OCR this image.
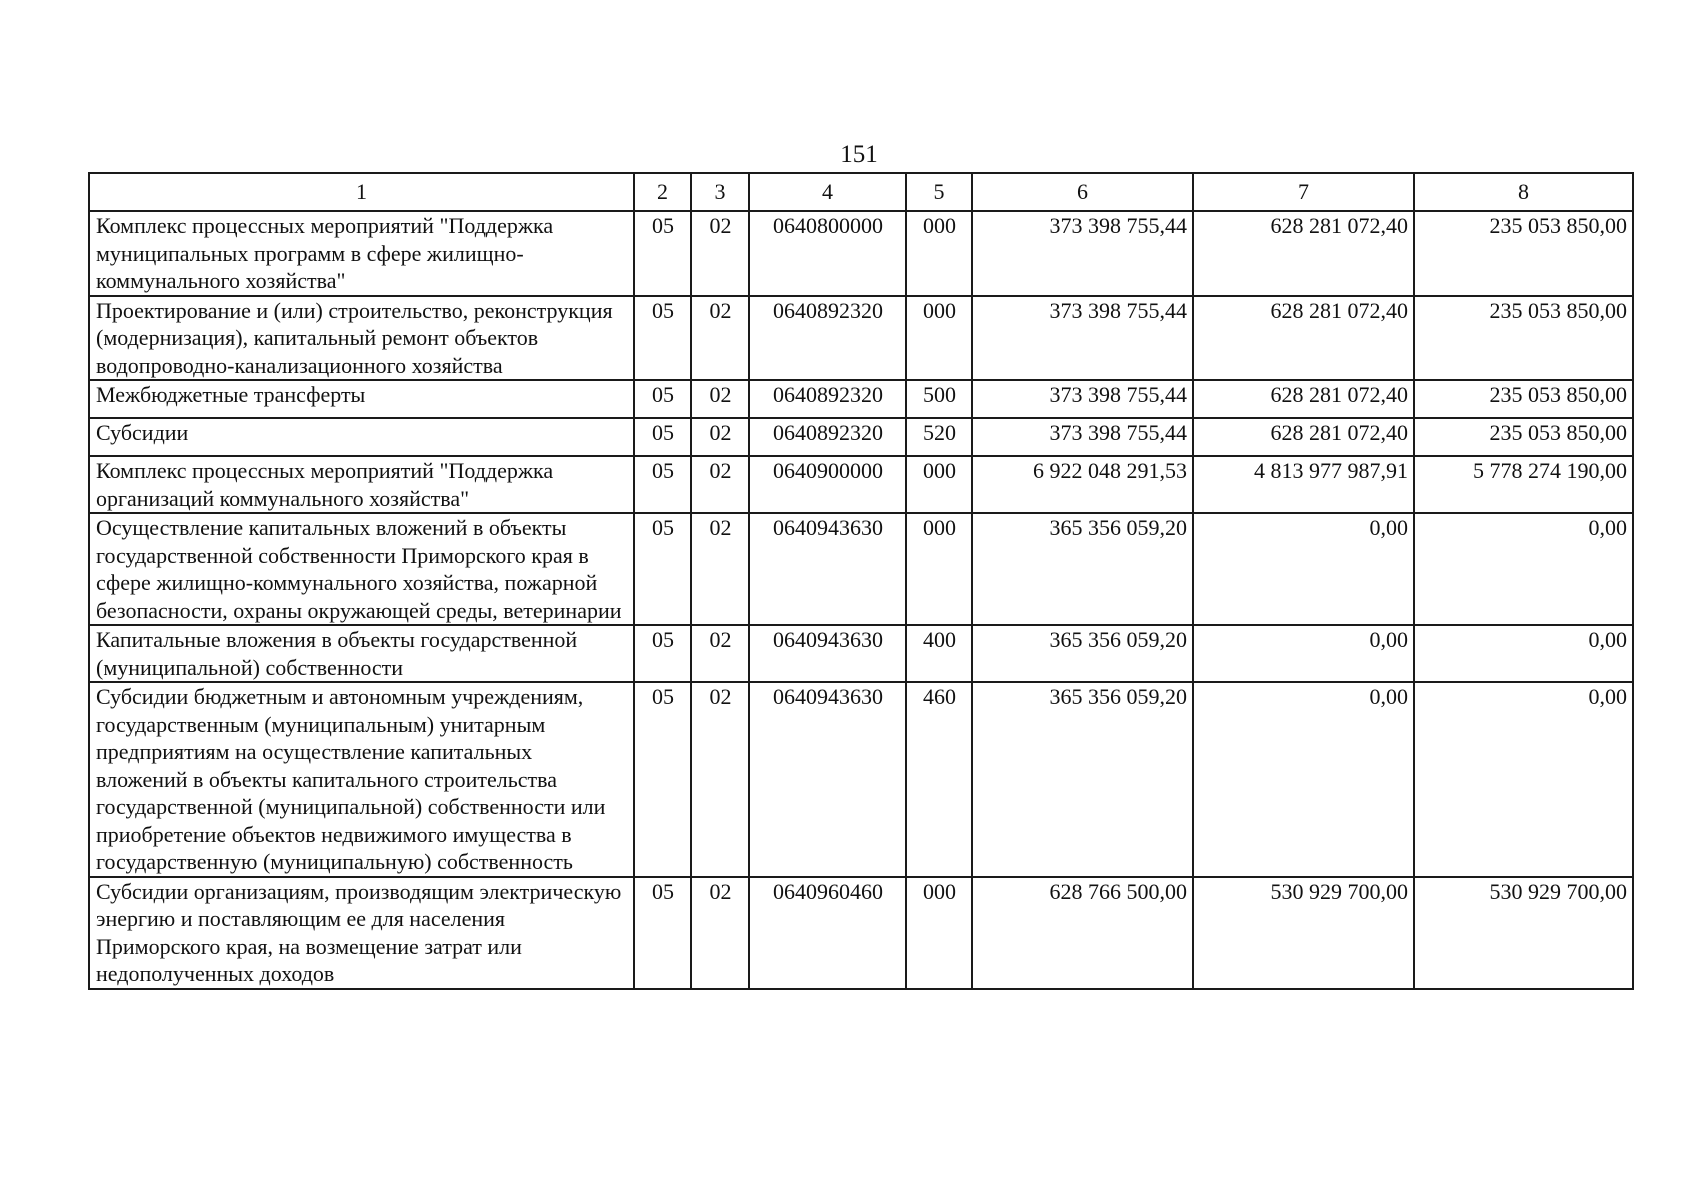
151
1	2	3	4	5	6	7	8
Комплекс процессных мероприятий "Поддержка муниципальных программ в сфере жилищно-коммунального хозяйства"	05	02	0640800000	000	373 398 755,44	628 281 072,40	235 053 850,00
Проектирование и (или) строительство, реконструкция (модернизация), капитальный ремонт объектов водопроводно-канализационного хозяйства	05	02	0640892320	000	373 398 755,44	628 281 072,40	235 053 850,00
Межбюджетные трансферты	05	02	0640892320	500	373 398 755,44	628 281 072,40	235 053 850,00
Субсидии	05	02	0640892320	520	373 398 755,44	628 281 072,40	235 053 850,00
Комплекс процессных мероприятий "Поддержка организаций коммунального хозяйства"	05	02	0640900000	000	6 922 048 291,53	4 813 977 987,91	5 778 274 190,00
Осуществление капитальных вложений в объекты государственной собственности Приморского края в сфере жилищно-коммунального хозяйства, пожарной безопасности, охраны окружающей среды, ветеринарии	05	02	0640943630	000	365 356 059,20	0,00	0,00
Капитальные вложения в объекты государственной (муниципальной) собственности	05	02	0640943630	400	365 356 059,20	0,00	0,00
Субсидии бюджетным и автономным учреждениям, государственным (муниципальным) унитарным предприятиям на осуществление капитальных вложений в объекты капитального строительства государственной (муниципальной) собственности или приобретение объектов недвижимого имущества в государственную (муниципальную) собственность	05	02	0640943630	460	365 356 059,20	0,00	0,00
Субсидии организациям, производящим электрическую энергию и поставляющим ее для населения Приморского края, на возмещение затрат или недополученных доходов	05	02	0640960460	000	628 766 500,00	530 929 700,00	530 929 700,00
